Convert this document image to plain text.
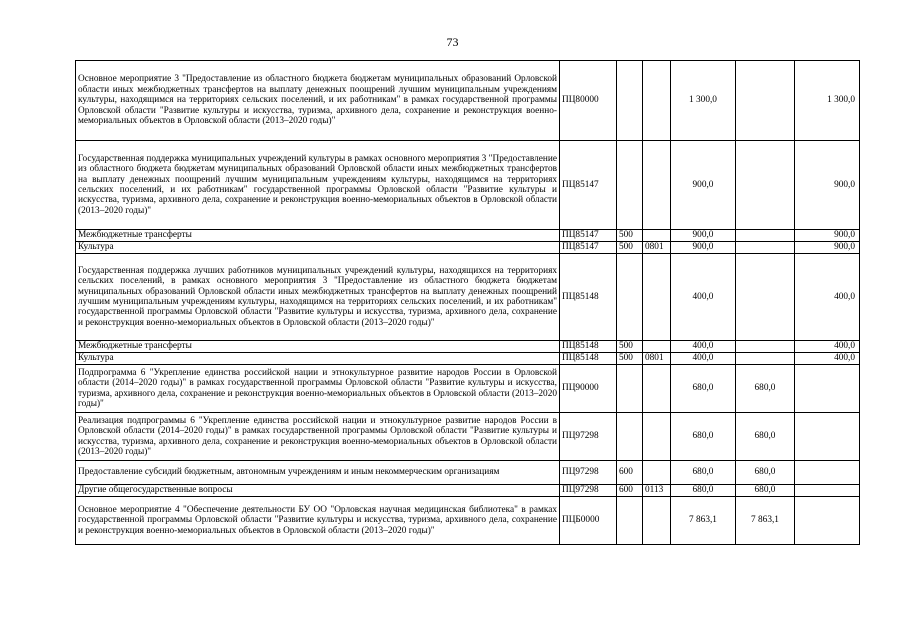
73
Основное мероприятие 3 "Предоставление из областного бюджета бюджетам муниципальных образований Орловской области иных межбюджетных трансфертов на выплату денежных поощрений лучшим муниципальным учреждениям культуры, находящимся на территориях сельских поселений, и их работникам" в рамках государственной программы Орловской области "Развитие культуры и искусства, туризма, архивного дела, сохранение и реконструкция военно-мемориальных объектов в Орловской области (2013–2020 годы)"	ПЦ80000			1 300,0		1 300,0
Государственная поддержка муниципальных учреждений культуры в рамках основного мероприятия 3 "Предоставление из областного бюджета бюджетам муниципальных образований Орловской области иных межбюджетных трансфертов на выплату денежных поощрений лучшим муниципальным учреждениям культуры, находящимся на территориях сельских поселений, и их работникам" государственной программы Орловской области "Развитие культуры и искусства, туризма, архивного дела, сохранение и реконструкция военно-мемориальных объектов в Орловской области (2013–2020 годы)"	ПЦ85147			900,0		900,0
Межбюджетные трансферты	ПЦ85147	500		900,0		900,0
Культура	ПЦ85147	500	0801	900,0		900,0
Государственная поддержка лучших работников муниципальных учреждений культуры, находящихся на территориях сельских поселений, в рамках основного мероприятия 3 "Предоставление из областного бюджета бюджетам муниципальных образований Орловской области иных межбюджетных трансфертов на выплату денежных поощрений лучшим муниципальным учреждениям культуры, находящимся на территориях сельских поселений, и их работникам" государственной программы Орловской области "Развитие культуры и искусства, туризма, архивного дела, сохранение и реконструкция военно-мемориальных объектов в Орловской области (2013–2020 годы)"	ПЦ85148			400,0		400,0
Межбюджетные трансферты	ПЦ85148	500		400,0		400,0
Культура	ПЦ85148	500	0801	400,0		400,0
Подпрограмма 6 "Укрепление единства российской нации и этнокультурное развитие народов России в Орловской области (2014–2020 годы)" в рамках государственной программы Орловской области "Развитие культуры и искусства, туризма, архивного дела, сохранение и реконструкция военно-мемориальных объектов в Орловской области (2013–2020 годы)"	ПЦ90000			680,0	680,0	
Реализация подпрограммы 6 "Укрепление единства российской нации и этнокультурное развитие народов России в Орловской области (2014–2020 годы)" в рамках государственной программы Орловской области "Развитие культуры и искусства, туризма, архивного дела, сохранение и реконструкция военно-мемориальных объектов в Орловской области (2013–2020 годы)"	ПЦ97298			680,0	680,0	
Предоставление субсидий бюджетным, автономным учреждениям и иным некоммерческим организациям	ПЦ97298	600		680,0	680,0	
Другие общегосударственные вопросы	ПЦ97298	600	0113	680,0	680,0	
Основное мероприятие 4 "Обеспечение деятельности БУ ОО "Орловская научная медицинская библиотека" в рамках государственной программы Орловской области "Развитие культуры и искусства, туризма, архивного дела, сохранение и реконструкция военно-мемориальных объектов в Орловской области (2013–2020 годы)"	ПЦБ0000			7 863,1	7 863,1	
